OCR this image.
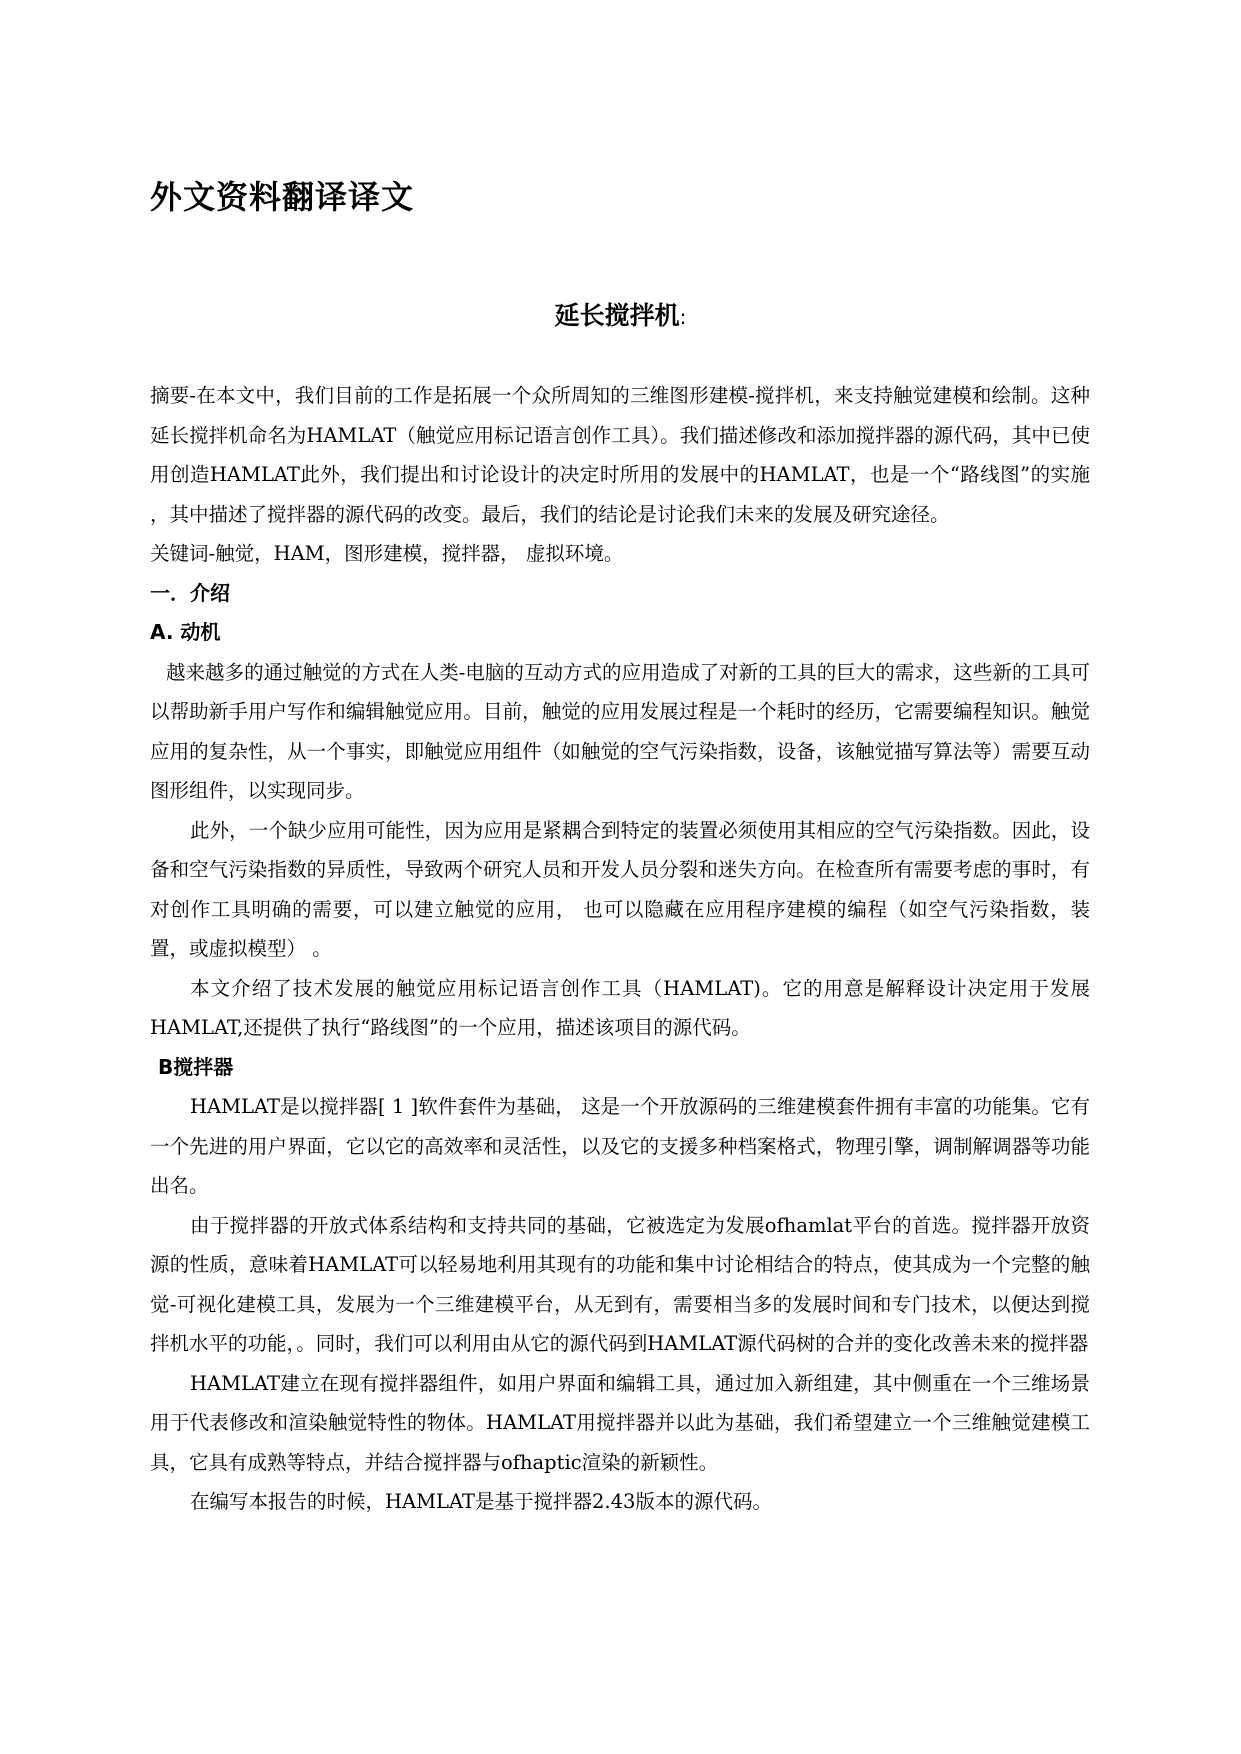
外文资料翻译译文
延长搅拌机:

摘要-在本文中，我们目前的工作是拓展一个众所周知的三维图形建模-搅拌机，来支持触觉建模和绘制。这种延长搅拌机命名为HAMLAT（触觉应用标记语言创作工具）。我们描述修改和添加搅拌器的源代码，其中已使用创造HAMLAT此外，我们提出和讨论设计的决定时所用的发展中的HAMLAT，也是一个“路线图”的实施 ，其中描述了搅拌器的源代码的改变。最后，我们的结论是讨论我们未来的发展及研究途径。

关键词-触觉，HAM，图形建模，搅拌器， 虚拟环境。

一．介绍

A. 动机

越来越多的通过触觉的方式在人类-电脑的互动方式的应用造成了对新的工具的巨大的需求，这些新的工具可以帮助新手用户写作和编辑触觉应用。目前，触觉的应用发展过程是一个耗时的经历，它需要编程知识。触觉应用的复杂性，从一个事实，即触觉应用组件（如触觉的空气污染指数，设备，该触觉描写算法等）需要互动图形组件，以实现同步。

此外，一个缺少应用可能性，因为应用是紧耦合到特定的装置必须使用其相应的空气污染指数。因此，设备和空气污染指数的异质性，导致两个研究人员和开发人员分裂和迷失方向。在检查所有需要考虑的事时，有对创作工具明确的需要，可以建立触觉的应用， 也可以隐藏在应用程序建模的编程（如空气污染指数，装置，或虚拟模型） 。

本文介绍了技术发展的触觉应用标记语言创作工具（HAMLAT)。它的用意是解释设计决定用于发展HAMLAT,还提供了执行“路线图”的一个应用，描述该项目的源代码。

B搅拌器

HAMLAT是以搅拌器[ 1 ]软件套件为基础， 这是一个开放源码的三维建模套件拥有丰富的功能集。它有一个先进的用户界面，它以它的高效率和灵活性，以及它的支援多种档案格式，物理引擎，调制解调器等功能出名。

由于搅拌器的开放式体系结构和支持共同的基础，它被选定为发展ofhamlat平台的首选。搅拌器开放资源的性质，意味着HAMLAT可以轻易地利用其现有的功能和集中讨论相结合的特点，使其成为一个完整的触觉-可视化建模工具，发展为一个三维建模平台，从无到有，需要相当多的发展时间和专门技术，以便达到搅拌机水平的功能，。同时，我们可以利用由从它的源代码到HAMLAT源代码树的合并的变化改善未来的搅拌器

HAMLAT建立在现有搅拌器组件，如用户界面和编辑工具，通过加入新组建，其中侧重在一个三维场景用于代表修改和渲染触觉特性的物体。HAMLAT用搅拌器并以此为基础，我们希望建立一个三维触觉建模工具，它具有成熟等特点，并结合搅拌器与ofhaptic渲染的新颖性。

在编写本报告的时候，HAMLAT是基于搅拌器2.43版本的源代码。
